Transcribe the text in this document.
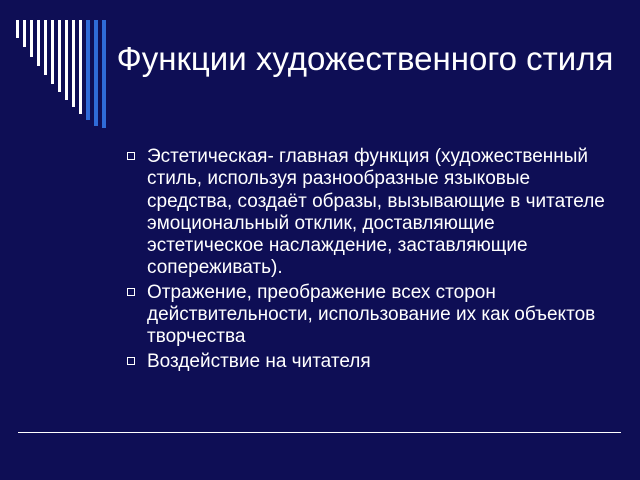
Функции художественного стиля
Эстетическая- главная функция (художественный стиль, используя разнообразные языковые средства, создаёт образы, вызывающие в читателе эмоциональный отклик, доставляющие эстетическое наслаждение, заставляющие сопереживать).
Отражение, преображение всех сторон действительности, использование их как объектов творчества
Воздействие на читателя
